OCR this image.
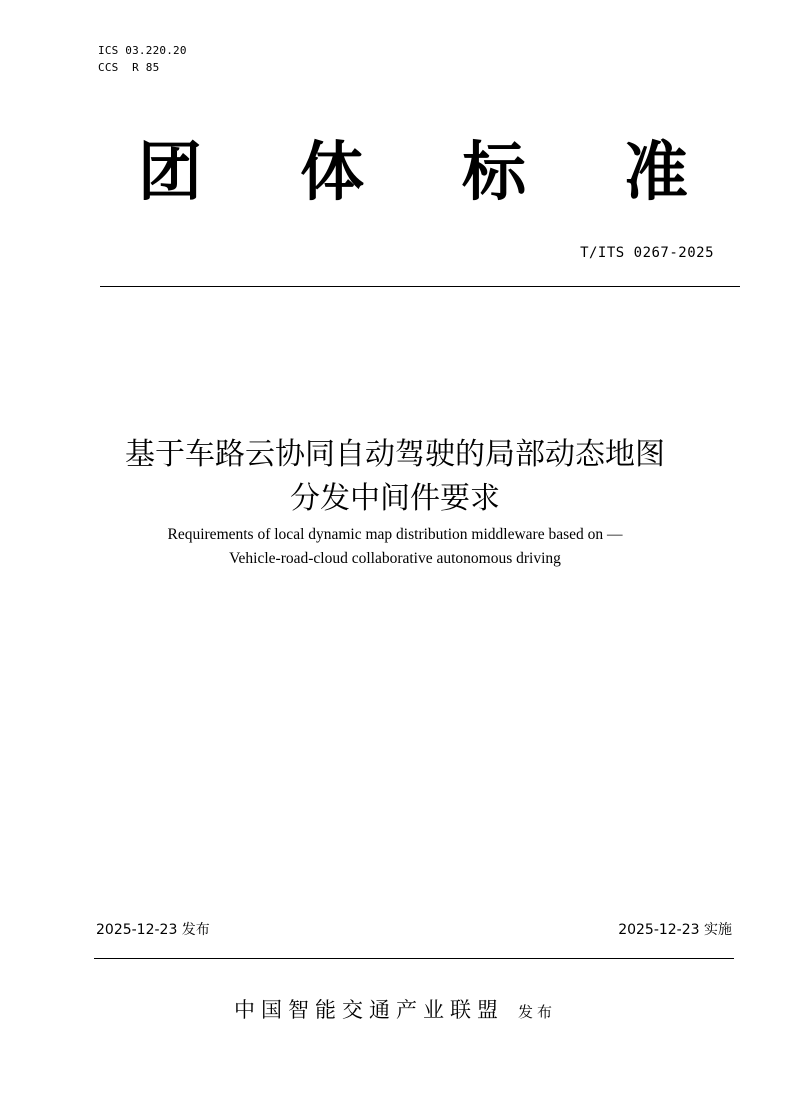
ICS 03.220.20
CCS  R 85
团	体	标	准
T/ITS 0267-2025
基于车路云协同自动驾驶的局部动态地图
分发中间件要求
Requirements of local dynamic map distribution middleware based on —
Vehicle-road-cloud collaborative autonomous driving
2025-12-23 发布	2025-12-23 实施
中国智能交通产业联盟 发布
